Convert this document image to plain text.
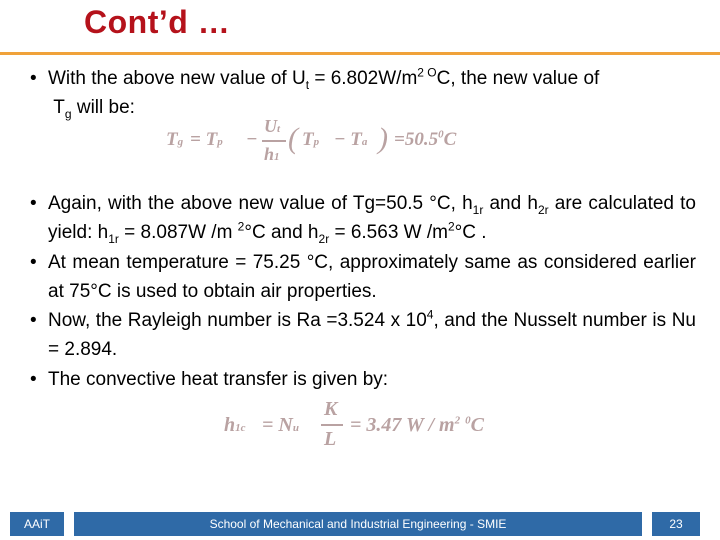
Cont’d …
• With the above new value of $U_t = 6.802W/m^{2 O}C$, the new value of
$T_g$ will be:
Tg = Tp −
Ut
h1
( Tp − Ta ) $=50.5^0C$
• Again, with the above new value of Tg=50.5 °C, $h_{1r}$ and $h_{2r}$ are calculated to yield: $h_{1r} = 8.087W$ /m $^2$°C and $h_{2r} = 6.563$ W $/m^2^\circ C$ .
• At mean temperature = 75.25 °C, approximately same as considered earlier at 75°C is used to obtain air properties.
• Now, the Rayleigh number is Ra =3.524 x $10^4$, and the Nusselt number is Nu = 2.894.
• The convective heat transfer is given by:
h1c = Nu
K
L
= 3.47 W / $m^2$ $^0$C
AAiT	School of Mechanical and Industrial Engineering - SMIE	23
